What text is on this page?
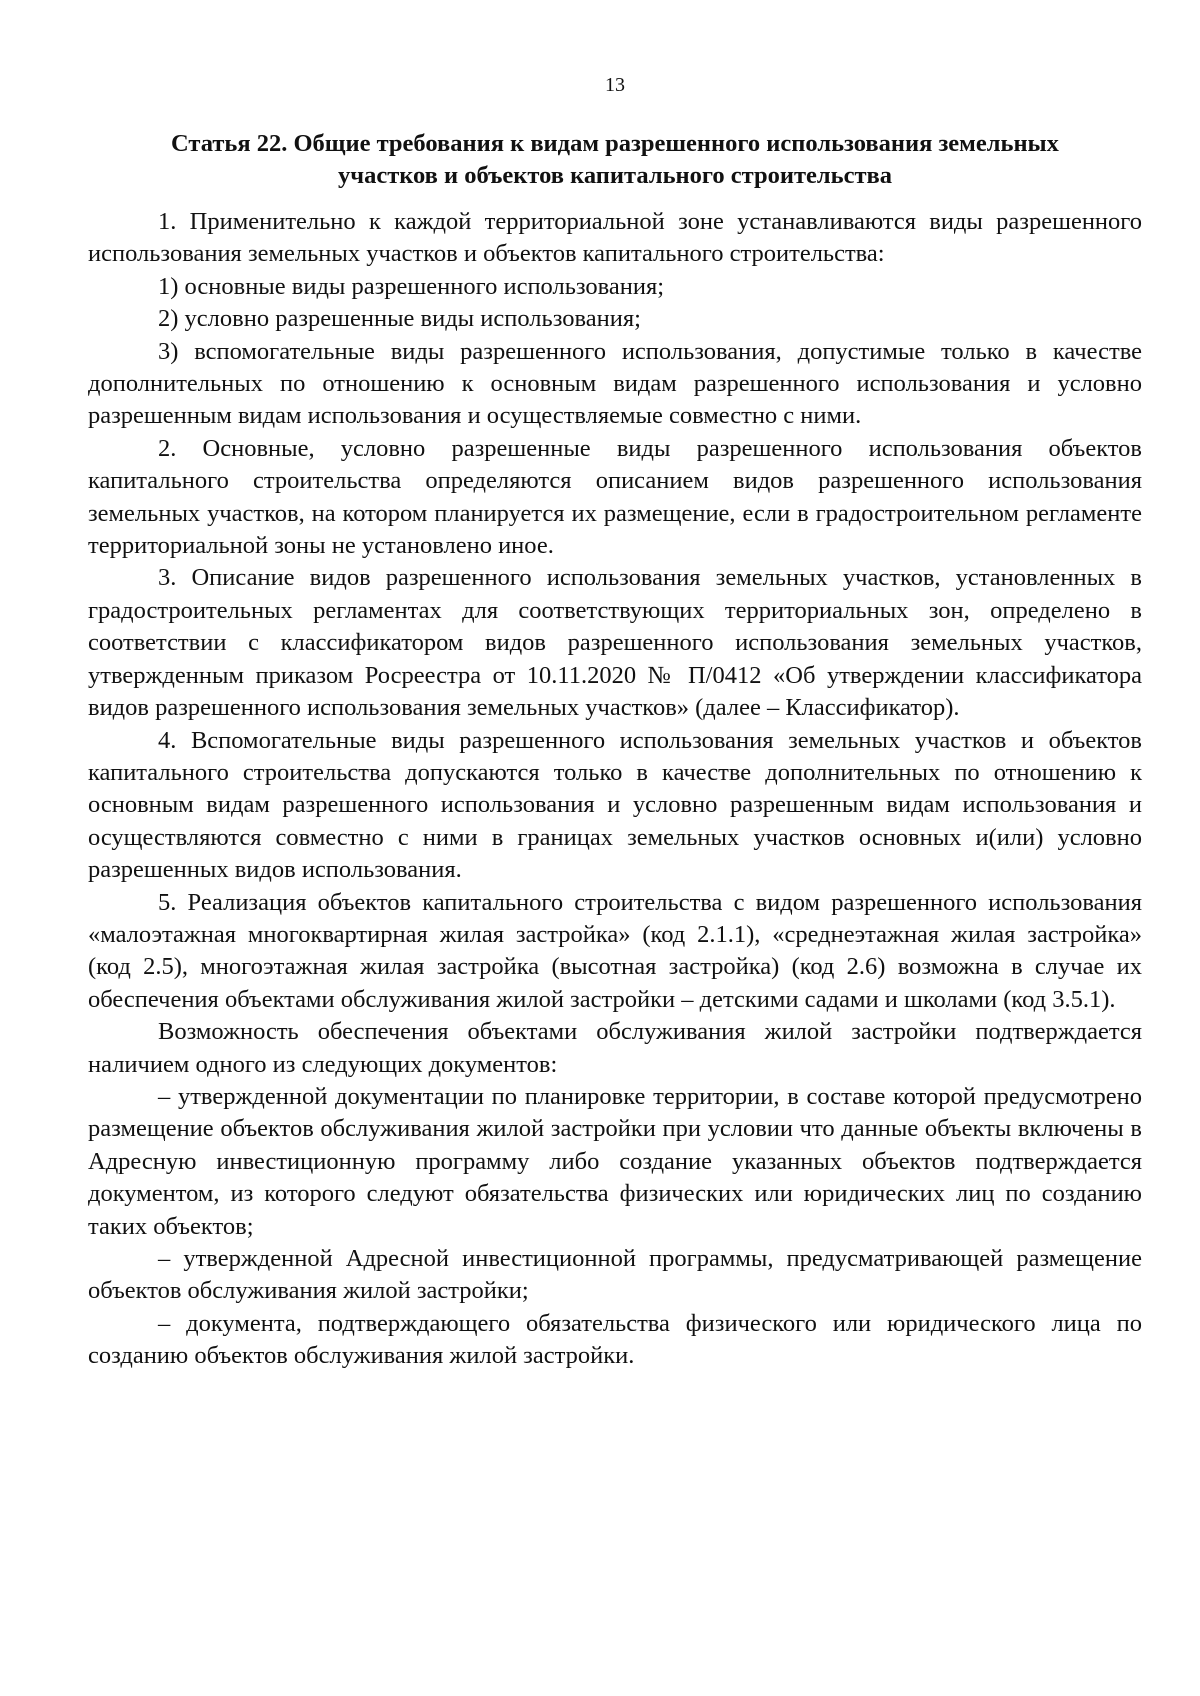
13
Статья 22. Общие требования к видам разрешенного использования земельных
участков и объектов капитального строительства

1. Применительно к каждой территориальной зоне устанавливаются виды разрешенного использования земельных участков и объектов капитального строительства:

1) основные виды разрешенного использования;

2) условно разрешенные виды использования;

3) вспомогательные виды разрешенного использования, допустимые только в качестве дополнительных по отношению к основным видам разрешенного использования и условно разрешенным видам использования и осуществляемые совместно с ними.

2. Основные, условно разрешенные виды разрешенного использования объектов капитального строительства определяются описанием видов разрешенного использования земельных участков, на котором планируется их размещение, если в градостроительном регламенте территориальной зоны не установлено иное.

3. Описание видов разрешенного использования земельных участков, установленных в градостроительных регламентах для соответствующих территориальных зон, определено в соответствии с классификатором видов разрешенного использования земельных участков, утвержденным приказом Росреестра от 10.11.2020 № П/0412 «Об утверждении классификатора видов разрешенного использования земельных участков» (далее – Классификатор).

4. Вспомогательные виды разрешенного использования земельных участков и объектов капитального строительства допускаются только в качестве дополнительных по отношению к основным видам разрешенного использования и условно разрешенным видам использования и осуществляются совместно с ними в границах земельных участков основных и(или) условно разрешенных видов использования.

5. Реализация объектов капитального строительства с видом разрешенного использования «малоэтажная многоквартирная жилая застройка» (код 2.1.1), «среднеэтажная жилая застройка» (код 2.5), многоэтажная жилая застройка (высотная застройка) (код 2.6) возможна в случае их обеспечения объектами обслуживания жилой застройки – детскими садами и школами (код 3.5.1).

Возможность обеспечения объектами обслуживания жилой застройки подтверждается наличием одного из следующих документов:

– утвержденной документации по планировке территории, в составе которой предусмотрено размещение объектов обслуживания жилой застройки при условии что данные объекты включены в Адресную инвестиционную программу либо создание указанных объектов подтверждается документом, из которого следуют обязательства физических или юридических лиц по созданию таких объектов;

– утвержденной Адресной инвестиционной программы, предусматривающей размещение объектов обслуживания жилой застройки;

– документа, подтверждающего обязательства физического или юридического лица по созданию объектов обслуживания жилой застройки.
